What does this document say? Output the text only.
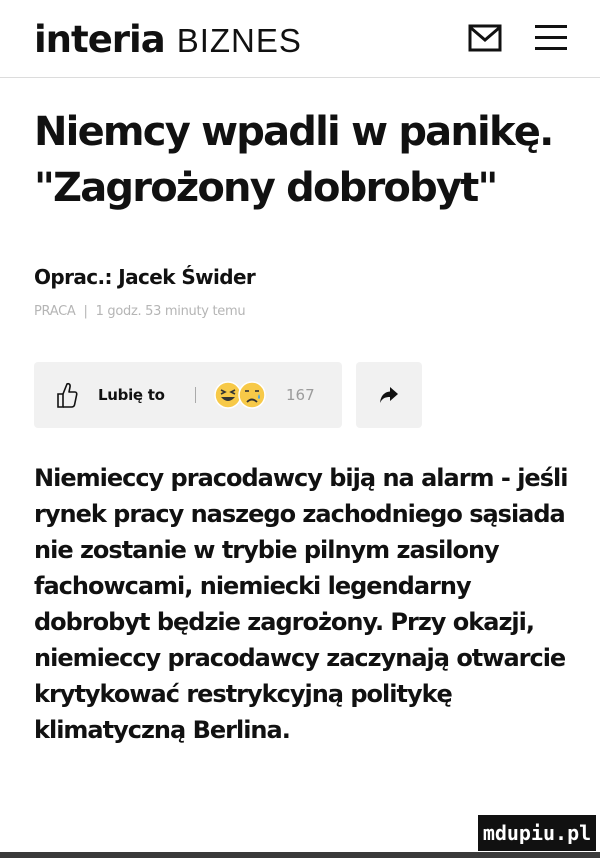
interia BIZNES
Niemcy wpadli w panikę.
"Zagrożony dobrobyt"
Oprac.: Jacek Świder
PRACA | 1 godz. 53 minuty temu
Lubię to	167

Niemieccy pracodawcy biją na alarm - jeśli rynek pracy naszego zachodniego sąsiada nie zostanie w trybie pilnym zasilony fachowcami, niemiecki legendarny dobrobyt będzie zagrożony. Przy okazji, niemieccy pracodawcy zaczynają otwarcie krytykować restrykcyjną politykę klimatyczną Berlina.

mdupiu.pl
